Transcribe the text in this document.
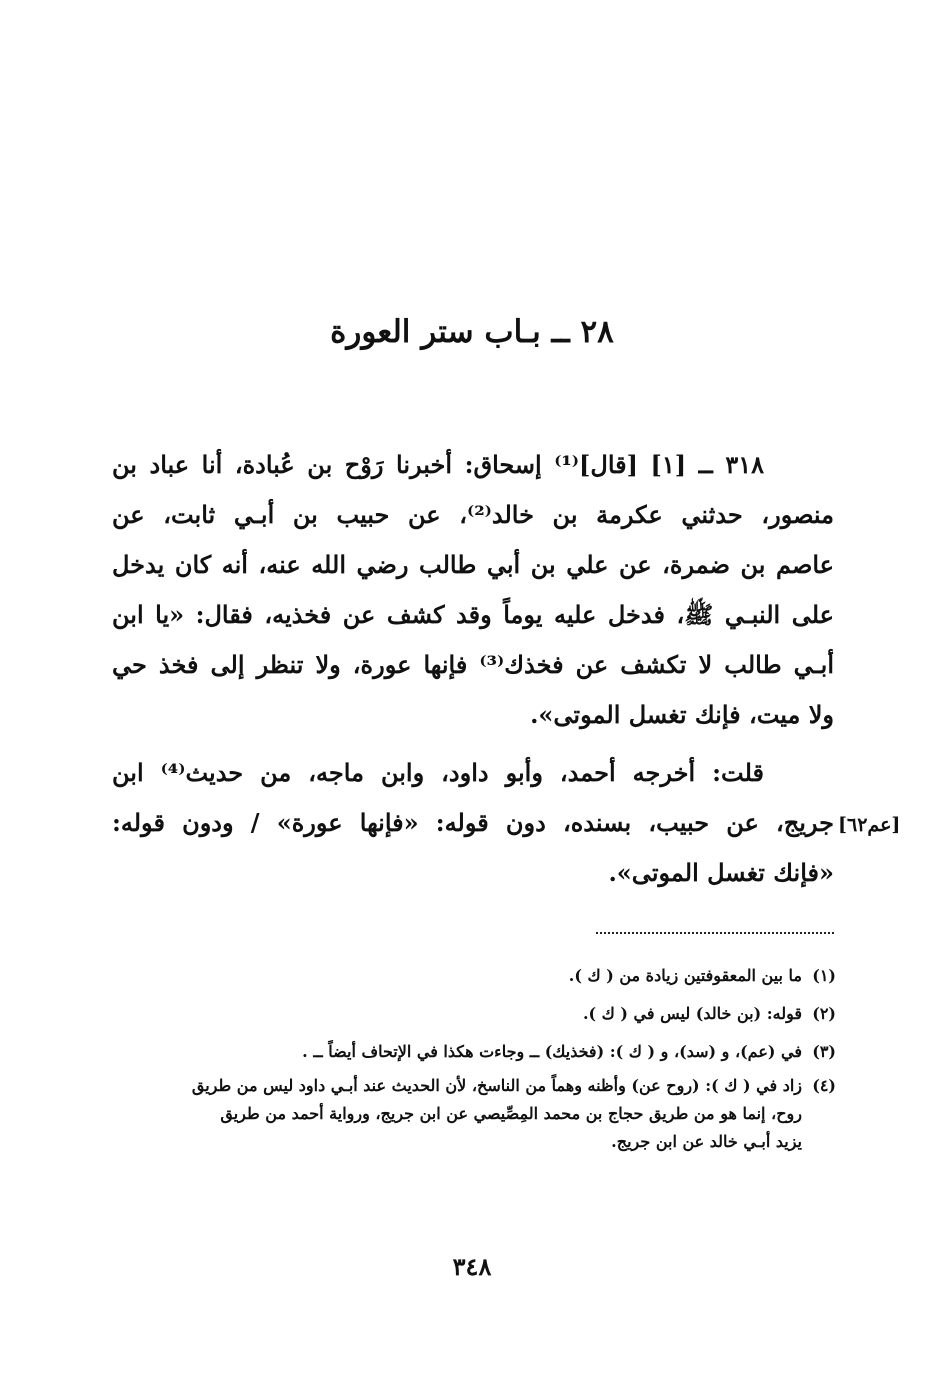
٢٨ ــ بـاب ستر العورة
٣١٨ ــ [١] [قال]⁽¹⁾ إسحاق: أخبرنا رَوْح بن عُبادة، أنا عباد بن
منصور، حدثني عكرمة بن خالد⁽²⁾، عن حبيب بن أبـي ثابت، عن
عاصم بن ضمرة، عن علي بن أبي طالب رضي الله عنه، أنه كان يدخل
على النبـي ﷺ، فدخل عليه يوماً وقد كشف عن فخذيه، فقال: «يا ابن
أبـي طالب لا تكشف عن فخذك⁽³⁾ فإنها عورة، ولا تنظر إلى فخذ حي
ولا ميت، فإنك تغسل الموتى».
قلت: أخرجه أحمد، وأبو داود، وابن ماجه، من حديث⁽⁴⁾ ابن
جريج، عن حبيب، بسنده، دون قوله: «فإنها عورة» / ودون قوله:
«فإنك تغسل الموتى».
[عم٦٢]
(١)
ما بين المعقوفتين زيادة من ( ك ).
(٢)
قوله: (بن خالد) ليس في ( ك ).
(٣)
في (عم)، و (سد)، و ( ك ): (فخذيك) ــ وجاءت هكذا في الإتحاف أيضاً ــ .
(٤)
زاد في ( ك ): (روح عن) وأظنه وهماً من الناسخ، لأن الحديث عند أبـي داود ليس من طريق
روح، إنما هو من طريق حجاج بن محمد المِصِّيصي عن ابن جريج، ورواية أحمد من طريق
يزيد أبـي خالد عن ابن جريج.
٣٤٨
